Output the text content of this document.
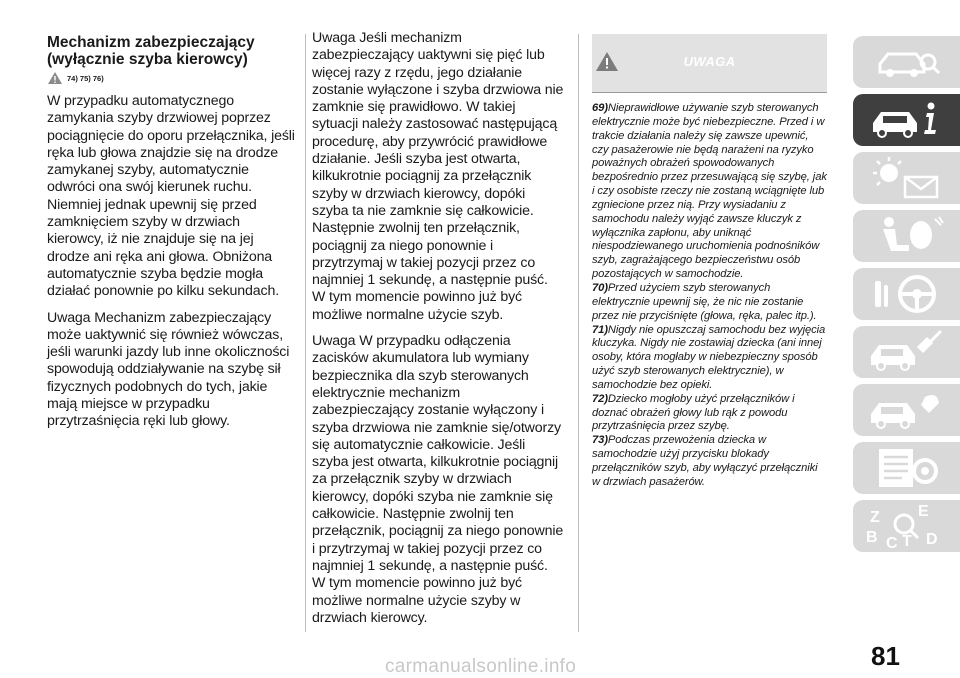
Mechanizm zabezpieczający
(wyłącznie szyba kierowcy)
74) 75) 76)

W przypadku automatycznego zamykania szyby drzwiowej poprzez pociągnięcie do oporu przełącznika, jeśli ręka lub głowa znajdzie się na drodze zamykanej szyby, automatycznie odwróci ona swój kierunek ruchu. Niemniej jednak upewnij się przed zamknięciem szyby w drzwiach kierowcy, iż nie znajduje się na jej drodze ani ręka ani głowa. Obniżona automatycznie szyba będzie mogła działać ponownie po kilku sekundach.

Uwaga Mechanizm zabezpieczający może uaktywnić się również wówczas, jeśli warunki jazdy lub inne okoliczności spowodują oddziaływanie na szybę sił fizycznych podobnych do tych, jakie mają miejsce w przypadku przytrzaśnięcia ręki lub głowy.

Uwaga Jeśli mechanizm zabezpieczający uaktywni się pięć lub więcej razy z rzędu, jego działanie zostanie wyłączone i szyba drzwiowa nie zamknie się prawidłowo. W takiej sytuacji należy zastosować następującą procedurę, aby przywrócić prawidłowe działanie. Jeśli szyba jest otwarta, kilkukrotnie pociągnij za przełącznik szyby w drzwiach kierowcy, dopóki szyba ta nie zamknie się całkowicie. Następnie zwolnij ten przełącznik, pociągnij za niego ponownie i przytrzymaj w takiej pozycji przez co najmniej 1 sekundę, a następnie puść. W tym momencie powinno już być możliwe normalne użycie szyb.

Uwaga W przypadku odłączenia zacisków akumulatora lub wymiany bezpiecznika dla szyb sterowanych elektrycznie mechanizm zabezpieczający zostanie wyłączony i szyba drzwiowa nie zamknie się/otworzy się automatycznie całkowicie. Jeśli szyba jest otwarta, kilkukrotnie pociągnij za przełącznik szyby w drzwiach kierowcy, dopóki szyba nie zamknie się całkowicie. Następnie zwolnij ten przełącznik, pociągnij za niego ponownie i przytrzymaj w takiej pozycji przez co najmniej 1 sekundę, a następnie puść. W tym momencie powinno już być możliwe normalne użycie szyby w drzwiach kierowcy.

UWAGA

69)Nieprawidłowe używanie szyb sterowanych elektrycznie może być niebezpieczne. Przed i w trakcie działania należy się zawsze upewnić, czy pasażerowie nie będą narażeni na ryzyko poważnych obrażeń spowodowanych bezpośrednio przez przesuwającą się szybę, jak i czy osobiste rzeczy nie zostaną wciągnięte lub zgniecione przez nią. Przy wysiadaniu z samochodu należy wyjąć zawsze kluczyk z wyłącznika zapłonu, aby uniknąć niespodziewanego uruchomienia podnośników szyb, zagrażającego bezpieczeństwu osób pozostających w samochodzie.

70)Przed użyciem szyb sterowanych elektrycznie upewnij się, że nic nie zostanie przez nie przyciśnięte (głowa, ręka, palec itp.).

71)Nigdy nie opuszczaj samochodu bez wyjęcia kluczyka. Nigdy nie zostawiaj dziecka (ani innej osoby, która mogłaby w niebezpieczny sposób użyć szyb sterowanych elektrycznie), w samochodzie bez opieki.

72)Dziecko mogłoby użyć przełączników i doznać obrażeń głowy lub rąk z powodu przytrzaśnięcia przez szybę.

73)Podczas przewożenia dziecka w samochodzie użyj przycisku blokady przełączników szyb, aby wyłączyć przełączniki w drzwiach pasażerów.

Z E
B C T D
81
carmanualsonline.info
